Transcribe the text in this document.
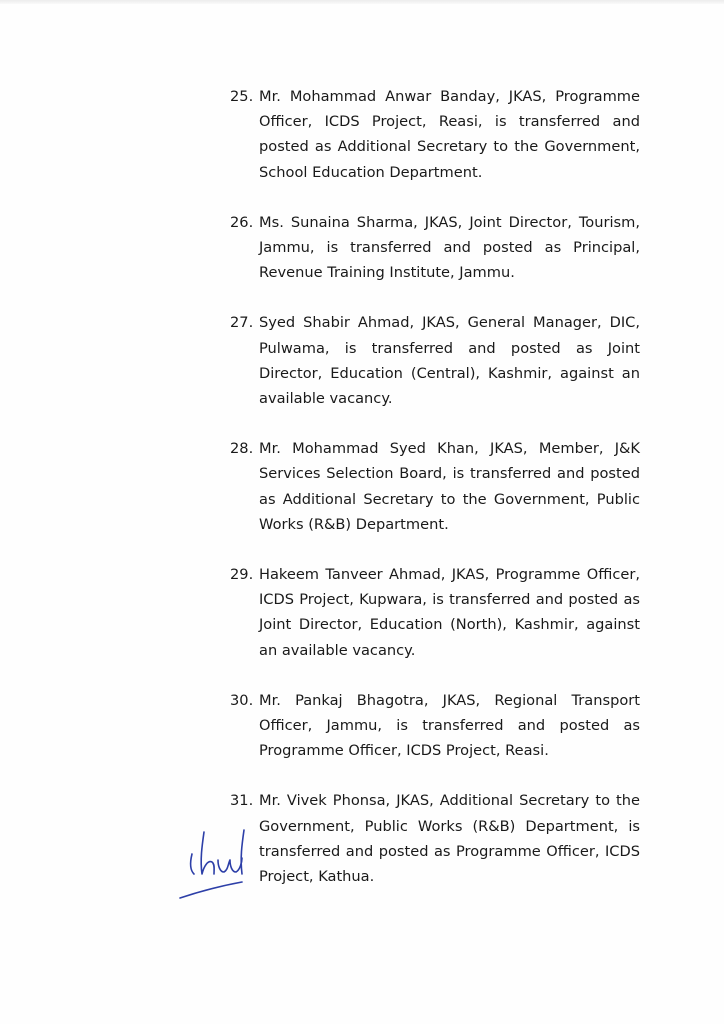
25. Mr. Mohammad Anwar Banday, JKAS, Programme Officer, ICDS Project, Reasi, is transferred and posted as Additional Secretary to the Government, School Education Department.

26. Ms. Sunaina Sharma, JKAS, Joint Director, Tourism, Jammu, is transferred and posted as Principal, Revenue Training Institute, Jammu.

27. Syed Shabir Ahmad, JKAS, General Manager, DIC, Pulwama, is transferred and posted as Joint Director, Education (Central), Kashmir, against an available vacancy.

28. Mr. Mohammad Syed Khan, JKAS, Member, J&K Services Selection Board, is transferred and posted as Additional Secretary to the Government, Public Works (R&B) Department.

29. Hakeem Tanveer Ahmad, JKAS, Programme Officer, ICDS Project, Kupwara, is transferred and posted as Joint Director, Education (North), Kashmir, against an available vacancy.

30. Mr. Pankaj Bhagotra, JKAS, Regional Transport Officer, Jammu, is transferred and posted as Programme Officer, ICDS Project, Reasi.

31. Mr. Vivek Phonsa, JKAS, Additional Secretary to the Government, Public Works (R&B) Department, is transferred and posted as Programme Officer, ICDS Project, Kathua.
